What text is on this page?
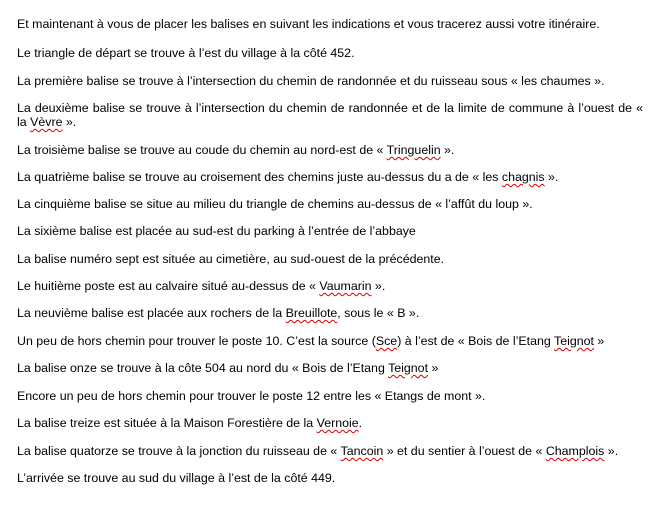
Et maintenant à vous de placer les balises en suivant les indications et vous tracerez aussi votre itinéraire.

Le triangle de départ se trouve à l’est du village à la côté 452.

La première balise se trouve à l’intersection du chemin de randonnée et du ruisseau sous « les chaumes ».

La deuxième balise se trouve à l’intersection du chemin de randonnée et de la limite de commune à l’ouest de « la Vèvre ».

La troisième balise se trouve au coude du chemin au nord-est de « Tringuelin ».

La quatrième balise se trouve au croisement des chemins juste au-dessus du a de « les chagnis ».

La cinquième balise se situe au milieu du triangle de chemins au-dessus de « l’affût du loup ».

La sixième balise est placée au sud-est du parking à l’entrée de l’abbaye

La balise numéro sept est située au cimetière, au sud-ouest de la précédente.

Le huitième poste est au calvaire situé au-dessus de « Vaumarin ».

La neuvième balise est placée aux rochers de la Breuillote, sous le « B ».

Un peu de hors chemin pour trouver le poste 10. C’est la source (Sce) à l’est de « Bois de l’Etang Teignot »

La balise onze se trouve à la côte 504 au nord du « Bois de l’Etang Teignot »

Encore un peu de hors chemin pour trouver le poste 12 entre les « Etangs de mont ».

La balise treize est située à la Maison Forestière de la Vernoie.

La balise quatorze se trouve à la jonction du ruisseau de « Tancoin » et du sentier à l’ouest de « Champlois ».

L’arrivée se trouve au sud du village à l’est de la côté 449.
